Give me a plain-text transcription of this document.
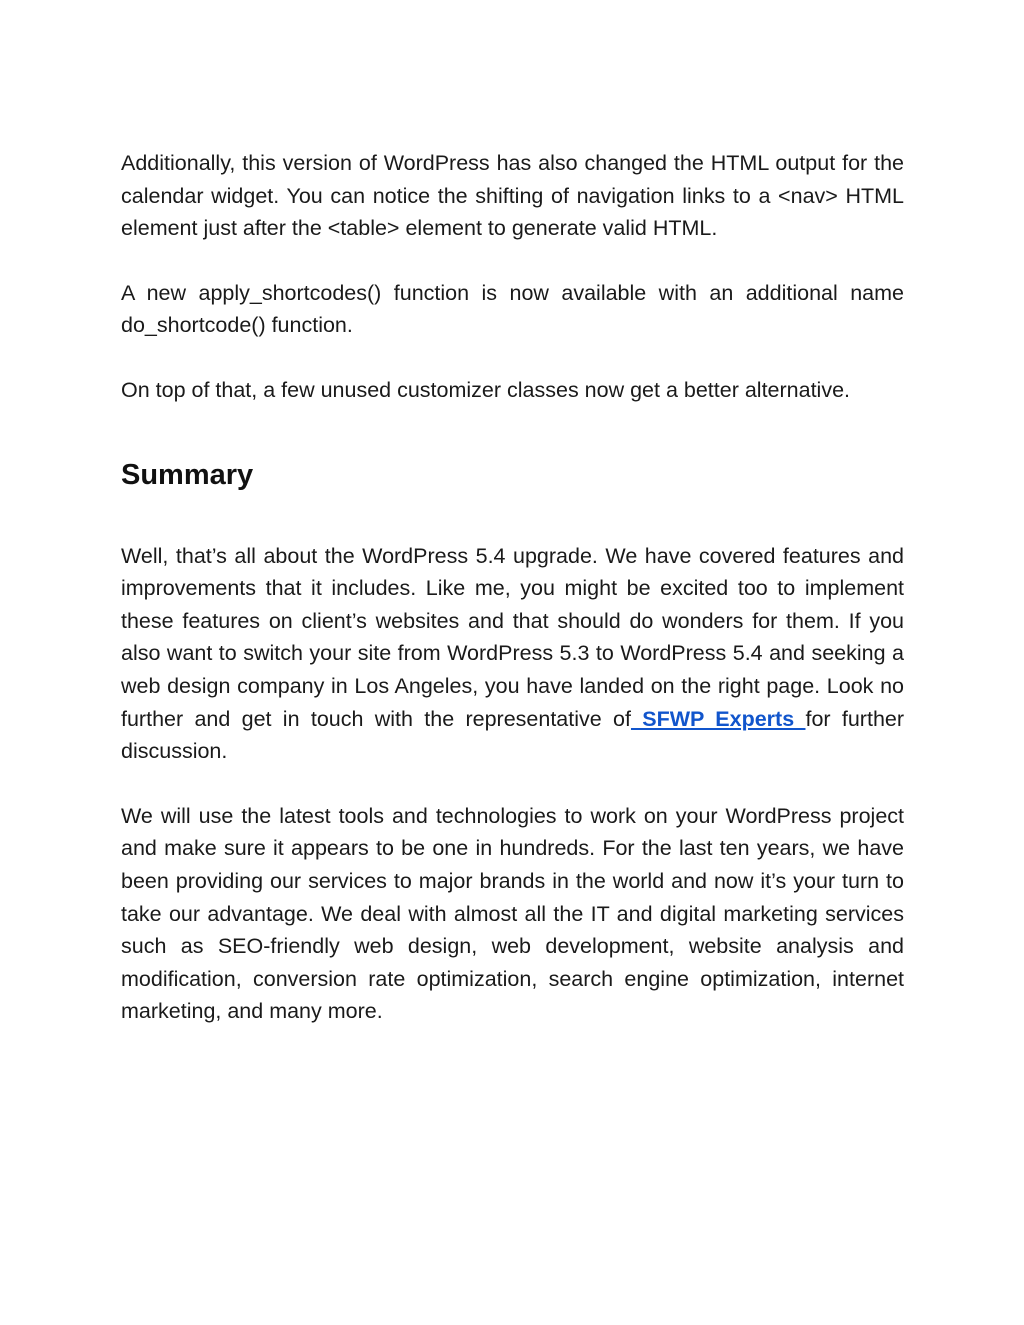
Additionally, this version of WordPress has also changed the HTML output for the calendar widget. You can notice the shifting of navigation links to a <nav> HTML element just after the <table> element to generate valid HTML.

A new apply_shortcodes() function is now available with an additional name do_shortcode() function.

On top of that, a few unused customizer classes now get a better alternative.

Summary

Well, that’s all about the WordPress 5.4 upgrade. We have covered features and improvements that it includes. Like me, you might be excited too to implement these features on client’s websites and that should do wonders for them. If you also want to switch your site from WordPress 5.3 to WordPress 5.4 and seeking a web design company in Los Angeles, you have landed on the right page. Look no further and get in touch with the representative of SFWP Experts for further discussion.

We will use the latest tools and technologies to work on your WordPress project and make sure it appears to be one in hundreds. For the last ten years, we have been providing our services to major brands in the world and now it’s your turn to take our advantage. We deal with almost all the IT and digital marketing services such as SEO-friendly web design, web development, website analysis and modification, conversion rate optimization, search engine optimization, internet marketing, and many more.
